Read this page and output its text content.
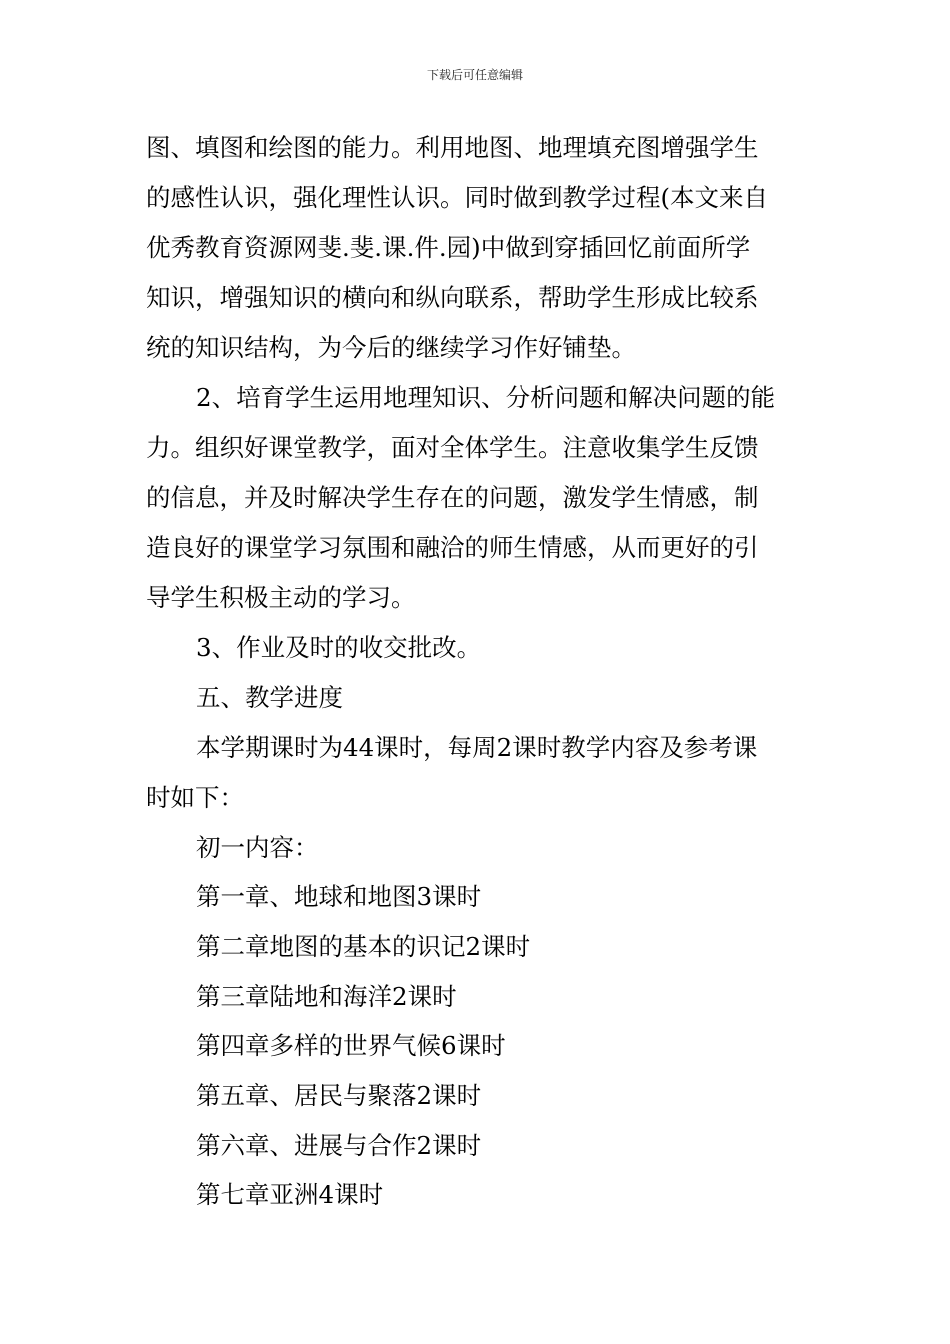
下载后可任意编辑
图、填图和绘图的能力。利用地图、地理填充图增强学生
的感性认识，强化理性认识。同时做到教学过程(本文来自
优秀教育资源网斐.斐.课.件.园)中做到穿插回忆前面所学
知识，增强知识的横向和纵向联系，帮助学生形成比较系
统的知识结构，为今后的继续学习作好铺垫。
2、培育学生运用地理知识、分析问题和解决问题的能
力。组织好课堂教学，面对全体学生。注意收集学生反馈
的信息，并及时解决学生存在的问题，激发学生情感，制
造良好的课堂学习氛围和融洽的师生情感，从而更好的引
导学生积极主动的学习。
3、作业及时的收交批改。
五、教学进度
本学期课时为44课时，每周2课时教学内容及参考课
时如下：
初一内容：
第一章、地球和地图3课时
第二章地图的基本的识记2课时
第三章陆地和海洋2课时
第四章多样的世界气候6课时
第五章、居民与聚落2课时
第六章、进展与合作2课时
第七章亚洲4课时
